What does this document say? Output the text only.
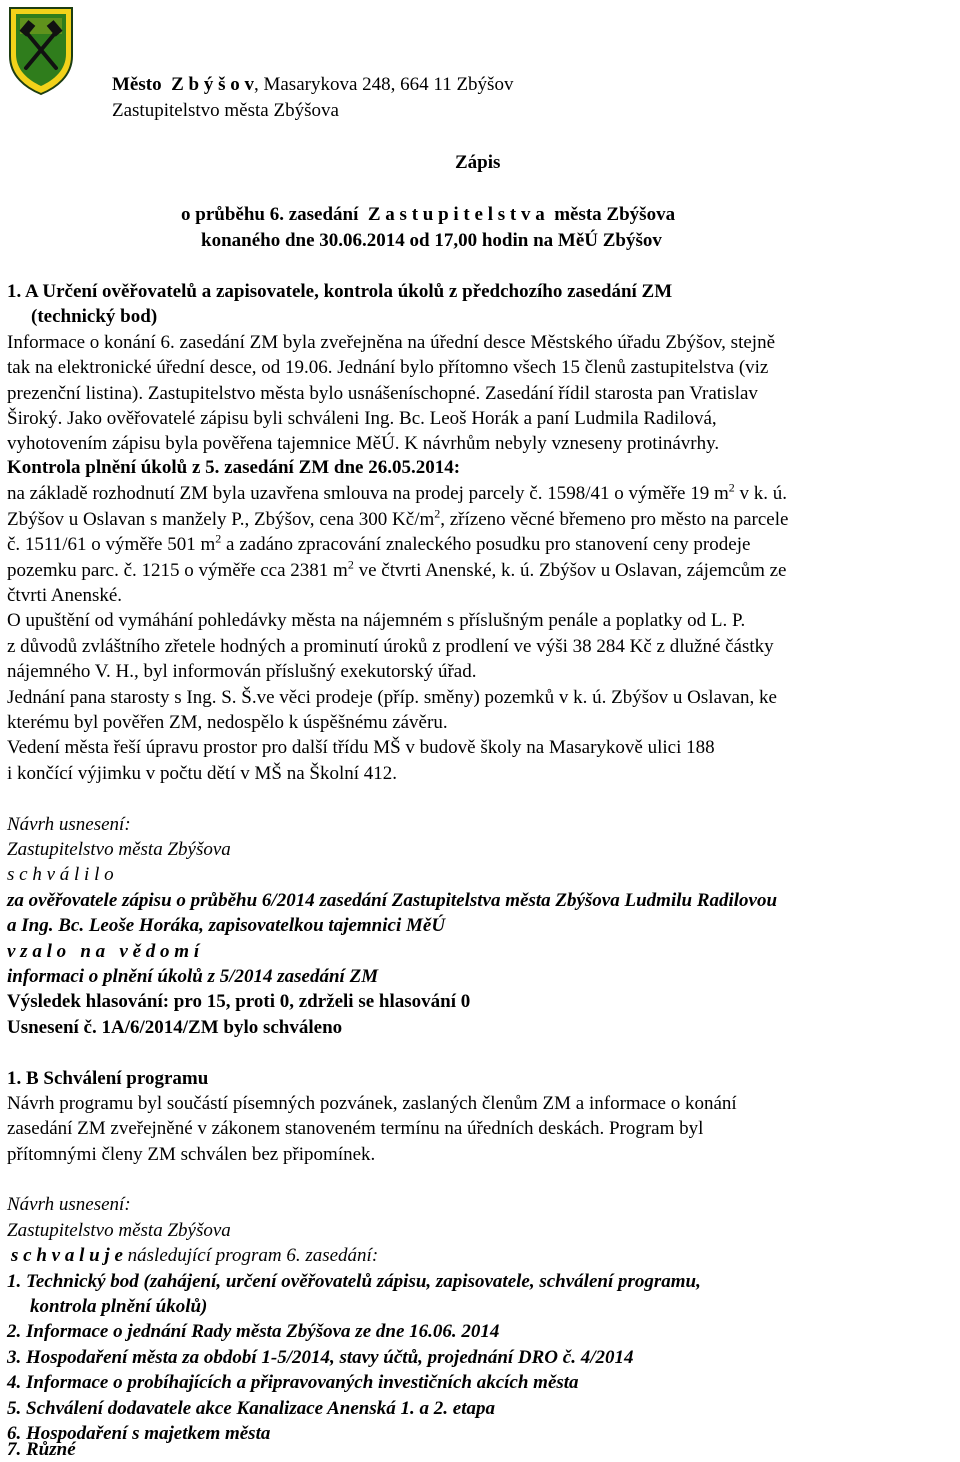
Město Z b ý š o v, Masarykova 248, 664 11 Zbýšov
Zastupitelstvo města Zbýšova
Zápis
o průběhu 6. zasedání Z a s t u p i t e l s t v a města Zbýšova
konaného dne 30.06.2014 od 17,00 hodin na MěÚ Zbýšov
1. A Určení ověřovatelů a zapisovatele, kontrola úkolů z předchozího zasedání ZM
(technický bod)
Informace o konání 6. zasedání ZM byla zveřejněna na úřední desce Městského úřadu Zbýšov, stejně
tak na elektronické úřední desce, od 19.06. Jednání bylo přítomno všech 15 členů zastupitelstva (viz
prezenční listina). Zastupitelstvo města bylo usnášeníschopné. Zasedání řídil starosta pan Vratislav
Široký. Jako ověřovatelé zápisu byli schváleni Ing. Bc. Leoš Horák a paní Ludmila Radilová,
vyhotovením zápisu byla pověřena tajemnice MěÚ. K návrhům nebyly vzneseny protinávrhy.
Kontrola plnění úkolů z 5. zasedání ZM dne 26.05.2014:
na základě rozhodnutí ZM byla uzavřena smlouva na prodej parcely č. 1598/41 o výměře 19 $m^2$ v k. ú.
Zbýšov u Oslavan s manžely P., Zbýšov, cena 300 $Kč/m^2$, zřízeno věcné břemeno pro město na parcele
č. 1511/61 o výměře 501 $m^2$ a zadáno zpracování znaleckého posudku pro stanovení ceny prodeje
pozemku parc. č. 1215 o výměře cca 2381 $m^2$ ve čtvrti Anenské, k. ú. Zbýšov u Oslavan, zájemcům ze
čtvrti Anenské.
O upuštění od vymáhání pohledávky města na nájemném s příslušným penále a poplatky od L. P.
z důvodů zvláštního zřetele hodných a prominutí úroků z prodlení ve výši 38 284 Kč z dlužné částky
nájemného V. H., byl informován příslušný exekutorský úřad.
Jednání pana starosty s Ing. S. Š.ve věci prodeje (příp. směny) pozemků v k. ú. Zbýšov u Oslavan, ke
kterému byl pověřen ZM, nedospělo k úspěšnému závěru.
Vedení města řeší úpravu prostor pro další třídu MŠ v budově školy na Masarykově ulici 188
i končící výjimku v počtu dětí v MŠ na Školní 412.
Návrh usnesení:
Zastupitelstvo města Zbýšova
s c h v á l i l o
za ověřovatele zápisu o průběhu 6/2014 zasedání Zastupitelstva města Zbýšova Ludmilu Radilovou
a Ing. Bc. Leoše Horáka, zapisovatelkou tajemnici MěÚ
v z a l o   n a   v ě d o m í
informaci o plnění úkolů z 5/2014 zasedání ZM
Výsledek hlasování: pro 15, proti 0, zdrželi se hlasování 0
Usnesení č. 1A/6/2014/ZM bylo schváleno
1. B Schválení programu
Návrh programu byl součástí písemných pozvánek, zaslaných členům ZM a informace o konání
zasedání ZM zveřejněné v zákonem stanoveném termínu na úředních deskách. Program byl
přítomnými členy ZM schválen bez připomínek.
Návrh usnesení:
Zastupitelstvo města Zbýšova
s c h v a l u j e následující program 6. zasedání:
1. Technický bod (zahájení, určení ověřovatelů zápisu, zapisovatele, schválení programu,
kontrola plnění úkolů)
2. Informace o jednání Rady města Zbýšova ze dne 16.06. 2014
3. Hospodaření města za období 1-5/2014, stavy účtů, projednání DRO č. 4/2014
4. Informace o probíhajících a připravovaných investičních akcích města
5. Schválení dodavatele akce Kanalizace Anenská 1. a 2. etapa
6. Hospodaření s majetkem města
7. Různé
